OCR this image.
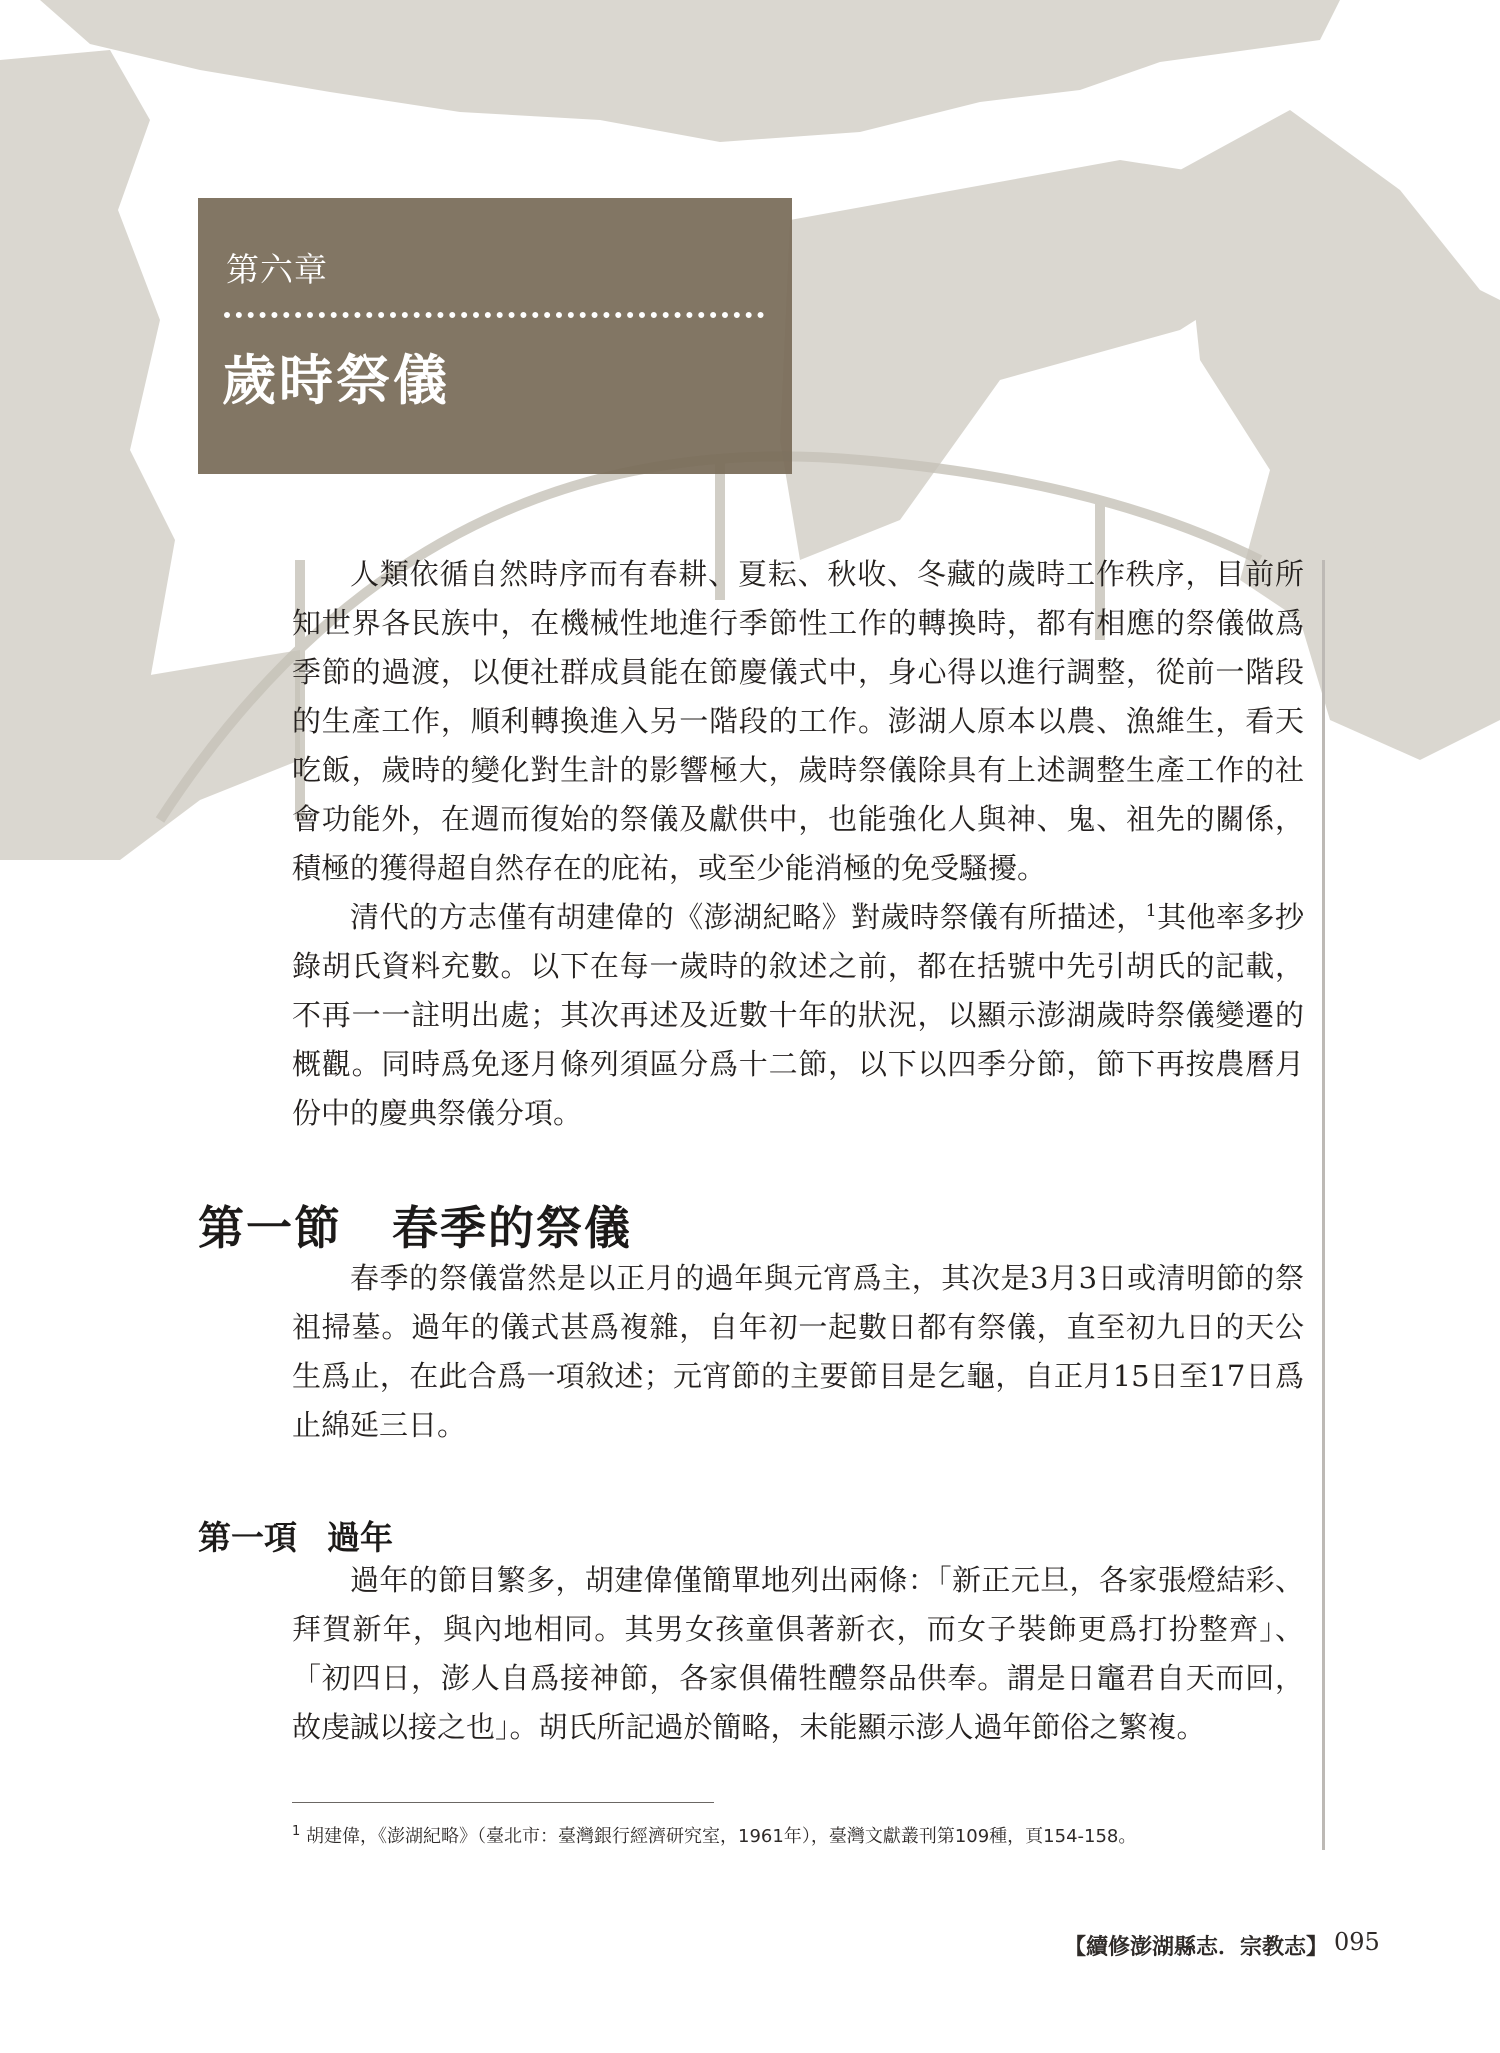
第六章
歲時祭儀

人類依循自然時序而有春耕、夏耘、秋收、冬藏的歲時工作秩序，目前所知世界各民族中，在機械性地進行季節性工作的轉換時，都有相應的祭儀做爲季節的過渡，以便社群成員能在節慶儀式中，身心得以進行調整，從前一階段的生產工作，順利轉換進入另一階段的工作。澎湖人原本以農、漁維生，看天吃飯，歲時的變化對生計的影響極大，歲時祭儀除具有上述調整生產工作的社會功能外，在週而復始的祭儀及獻供中，也能強化人與神、鬼、祖先的關係，積極的獲得超自然存在的庇祐，或至少能消極的免受騷擾。

清代的方志僅有胡建偉的《澎湖紀略》對歲時祭儀有所描述，$^1$其他率多抄錄胡氏資料充數。以下在每一歲時的敘述之前，都在括號中先引胡氏的記載，不再一一註明出處；其次再述及近數十年的狀況，以顯示澎湖歲時祭儀變遷的概觀。同時爲免逐月條列須區分爲十二節，以下以四季分節，節下再按農曆月份中的慶典祭儀分項。

第一節 春季的祭儀

春季的祭儀當然是以正月的過年與元宵爲主，其次是3月3日或清明節的祭祖掃墓。過年的儀式甚爲複雜，自年初一起數日都有祭儀，直至初九日的天公生爲止，在此合爲一項敘述；元宵節的主要節目是乞龜，自正月15日至17日爲止綿延三日。

第一項 過年

過年的節目繁多，胡建偉僅簡單地列出兩條：「新正元旦，各家張燈結彩、拜賀新年，與內地相同。其男女孩童俱著新衣，而女子裝飾更爲打扮整齊」、「初四日，澎人自爲接神節，各家俱備牲醴祭品供奉。謂是日竈君自天而回，故虔誠以接之也」。胡氏所記過於簡略，未能顯示澎人過年節俗之繁複。

$^1$ 胡建偉，《澎湖紀略》（臺北市：臺灣銀行經濟研究室，1961年），臺灣文獻叢刊第109種，頁154-158。
【續修澎湖縣志．宗教志】 095
